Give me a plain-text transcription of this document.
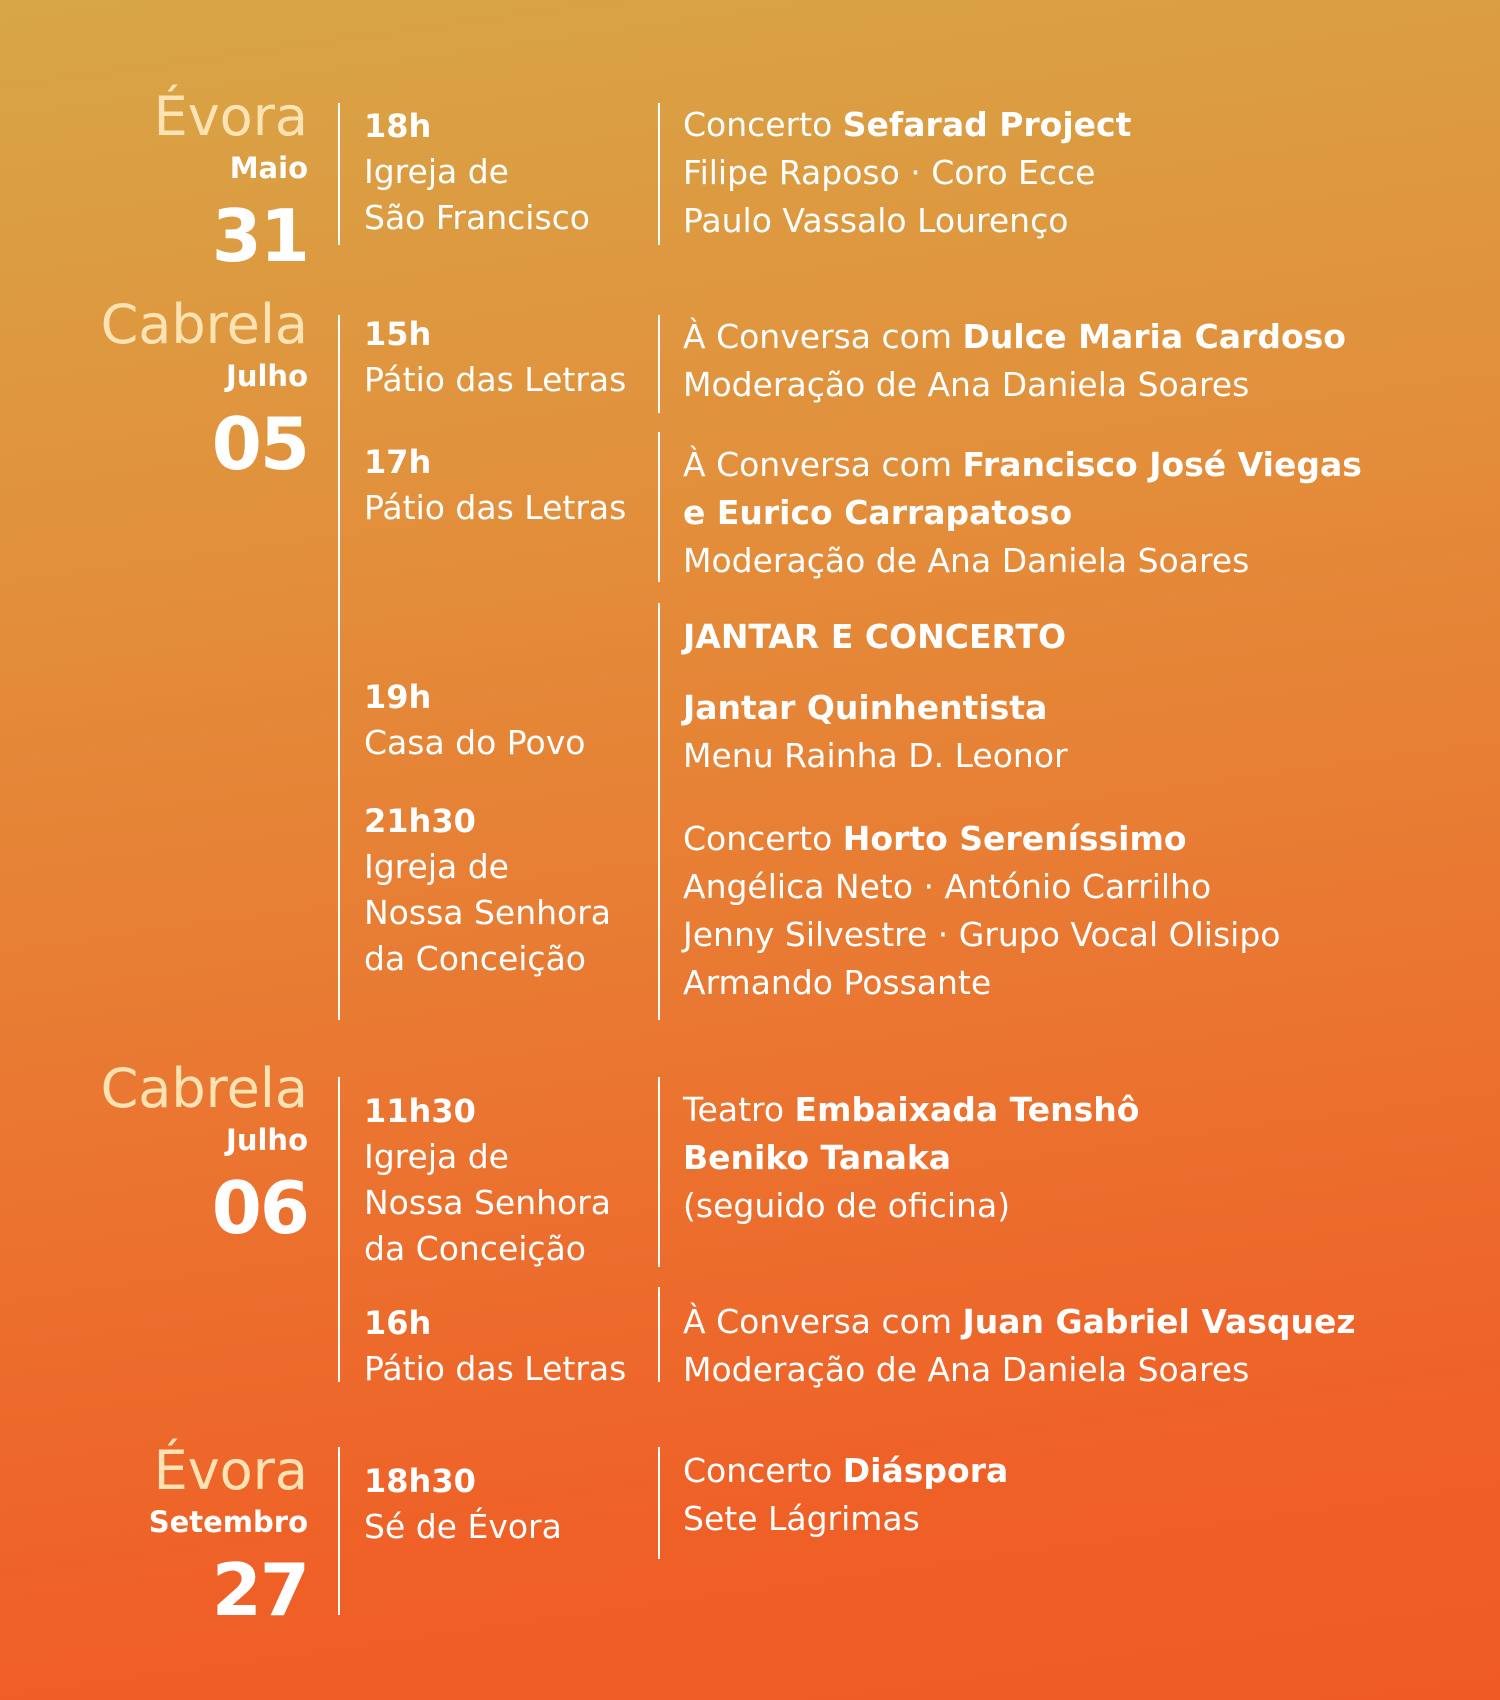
Évora
Maio
31
Cabrela
Julho
05
Cabrela
Julho
06
Évora
Setembro
27
18h
Igreja de
São Francisco
Concerto Sefarad Project
Filipe Raposo · Coro Ecce
Paulo Vassalo Lourenço
15h
Pátio das Letras
À Conversa com Dulce Maria Cardoso
Moderação de Ana Daniela Soares
17h
Pátio das Letras
À Conversa com Francisco José Viegas
e Eurico Carrapatoso
Moderação de Ana Daniela Soares
JANTAR E CONCERTO
19h
Casa do Povo
Jantar Quinhentista
Menu Rainha D. Leonor
21h30
Igreja de
Nossa Senhora
da Conceição
Concerto Horto Sereníssimo
Angélica Neto · António Carrilho
Jenny Silvestre · Grupo Vocal Olisipo
Armando Possante
11h30
Igreja de
Nossa Senhora
da Conceição
Teatro Embaixada Tenshô
Beniko Tanaka
(seguido de oficina)
16h
Pátio das Letras
À Conversa com Juan Gabriel Vasquez
Moderação de Ana Daniela Soares
18h30
Sé de Évora
Concerto Diáspora
Sete Lágrimas
